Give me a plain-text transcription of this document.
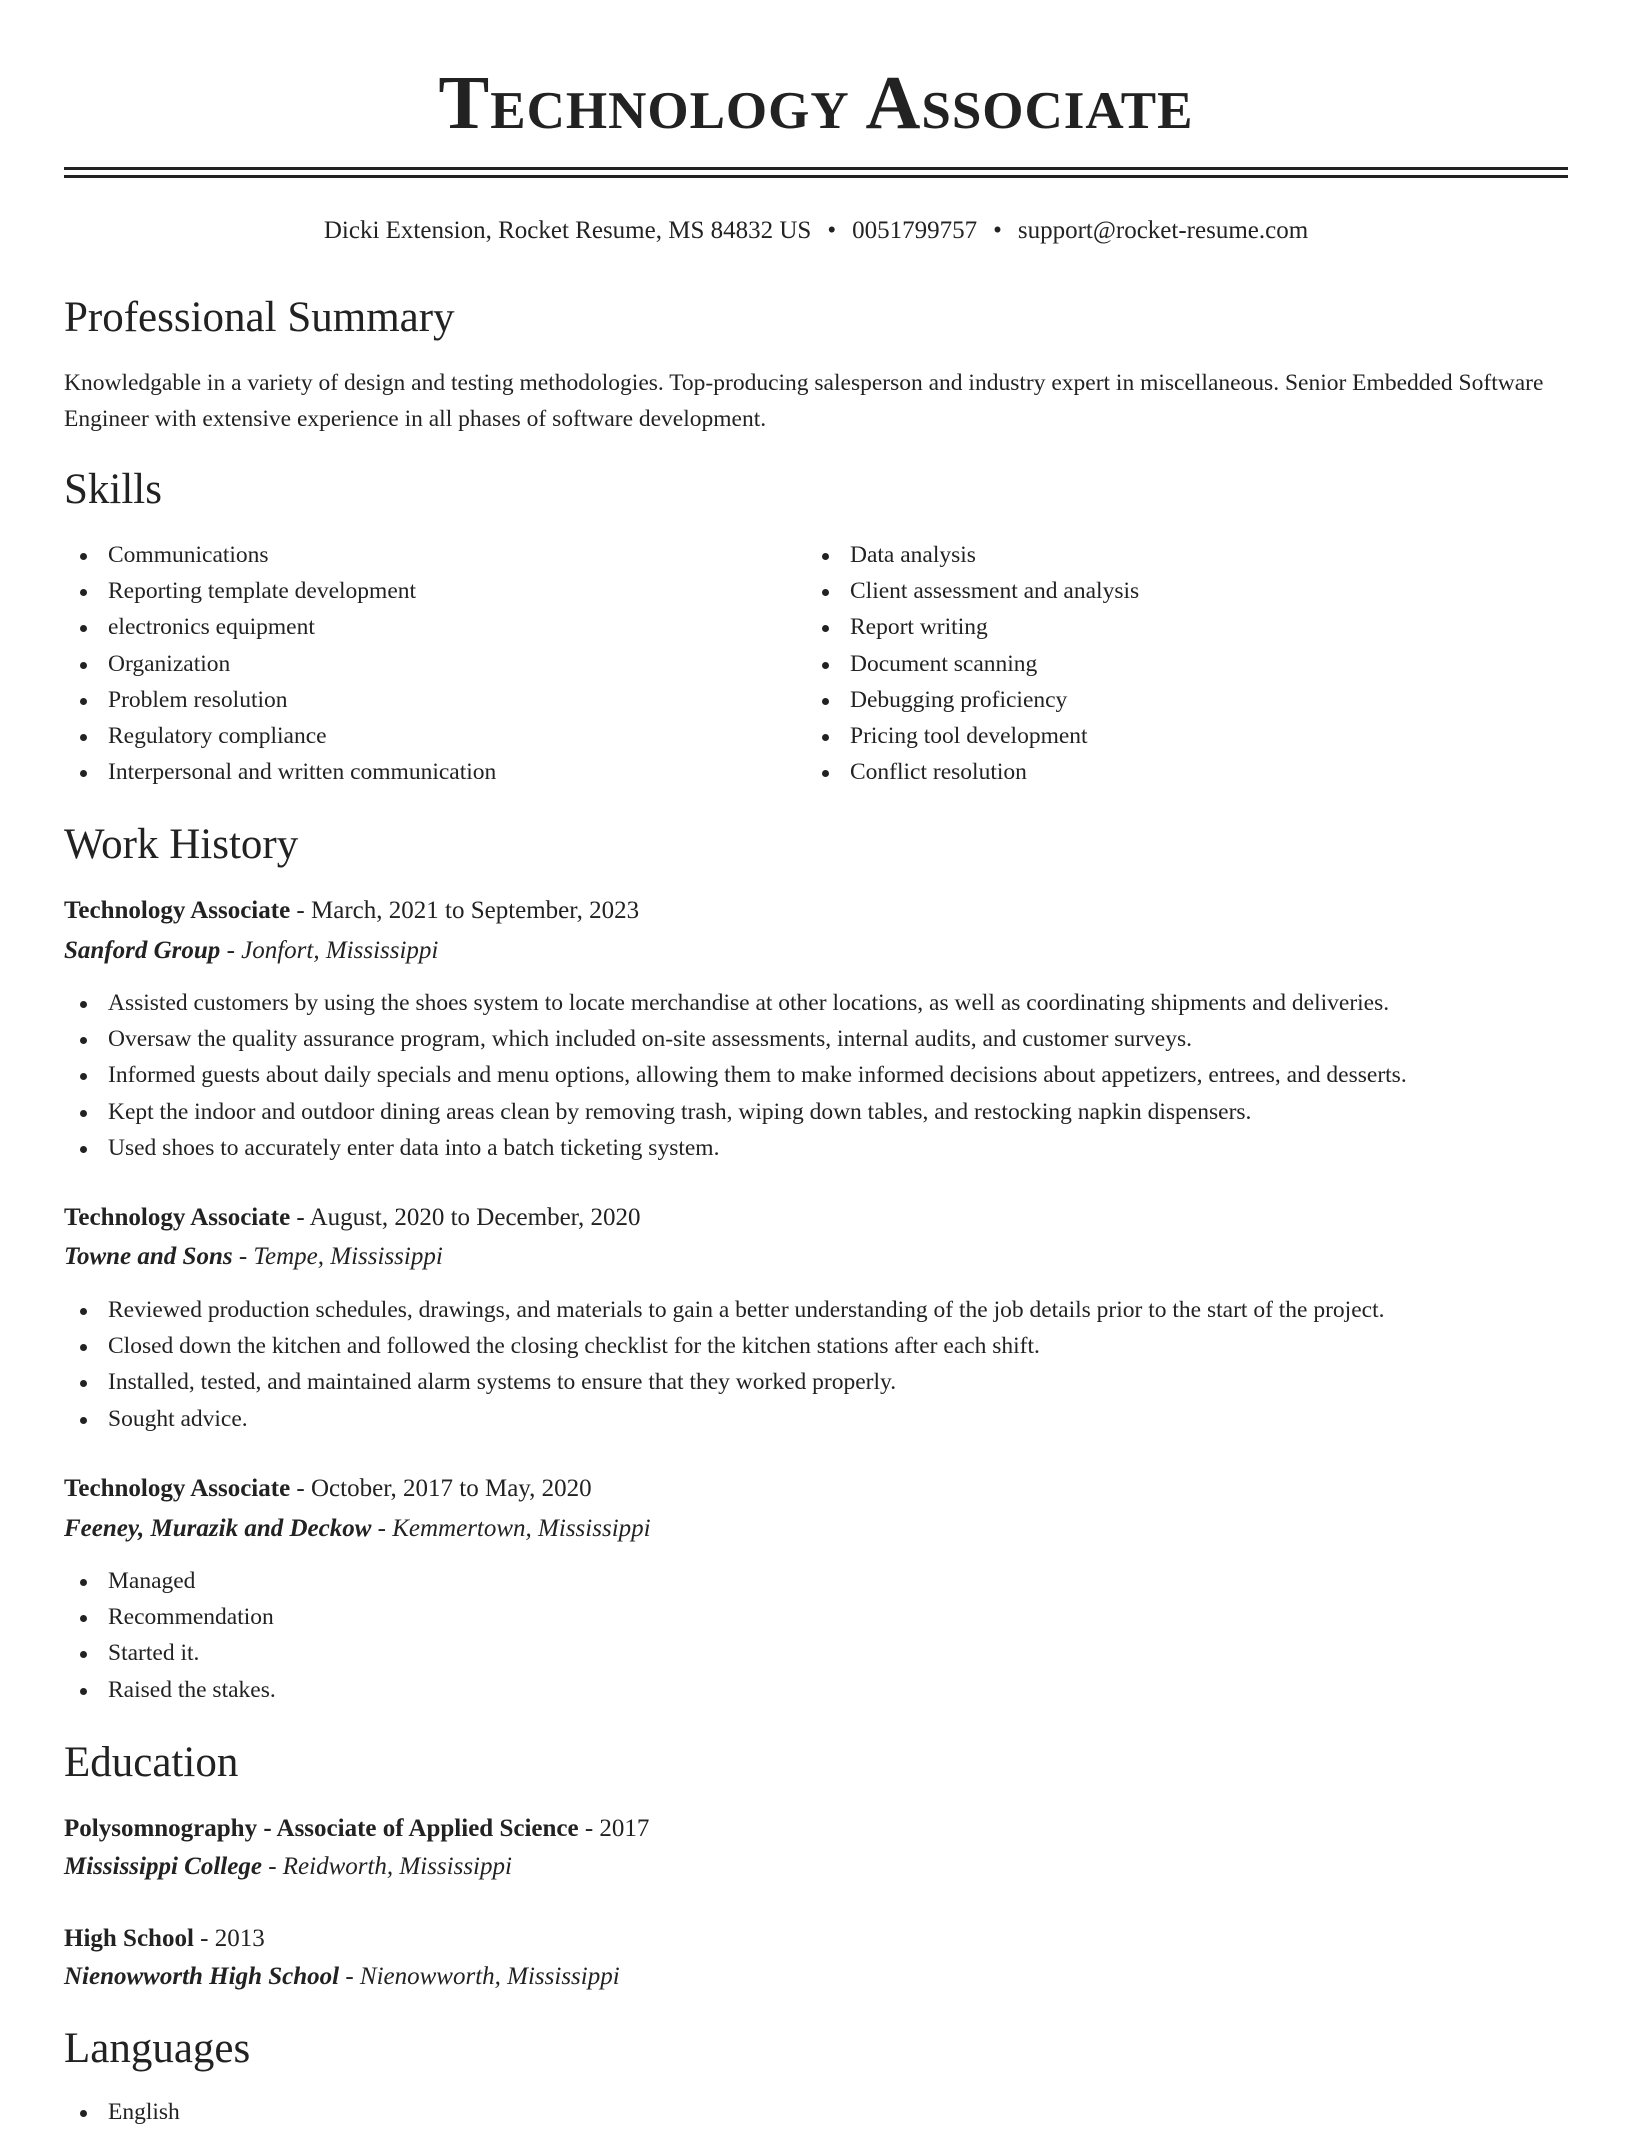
Technology Associate
Dicki Extension, Rocket Resume, MS 84832 US • 0051799757 • support@rocket-resume.com
Professional Summary

Knowledgable in a variety of design and testing methodologies. Top-producing salesperson and industry expert in miscellaneous. Senior Embedded Software Engineer with extensive experience in all phases of software development.

Skills
Communications
Reporting template development
electronics equipment
Organization
Problem resolution
Regulatory compliance
Interpersonal and written communication
Data analysis
Client assessment and analysis
Report writing
Document scanning
Debugging proficiency
Pricing tool development
Conflict resolution
Work History
Technology Associate - March, 2021 to September, 2023
Sanford Group - Jonfort, Mississippi
Assisted customers by using the shoes system to locate merchandise at other locations, as well as coordinating shipments and deliveries.
Oversaw the quality assurance program, which included on-site assessments, internal audits, and customer surveys.
Informed guests about daily specials and menu options, allowing them to make informed decisions about appetizers, entrees, and desserts.
Kept the indoor and outdoor dining areas clean by removing trash, wiping down tables, and restocking napkin dispensers.
Used shoes to accurately enter data into a batch ticketing system.
Technology Associate - August, 2020 to December, 2020
Towne and Sons - Tempe, Mississippi
Reviewed production schedules, drawings, and materials to gain a better understanding of the job details prior to the start of the project.
Closed down the kitchen and followed the closing checklist for the kitchen stations after each shift.
Installed, tested, and maintained alarm systems to ensure that they worked properly.
Sought advice.
Technology Associate - October, 2017 to May, 2020
Feeney, Murazik and Deckow - Kemmertown, Mississippi
Managed
Recommendation
Started it.
Raised the stakes.
Education
Polysomnography - Associate of Applied Science - 2017
Mississippi College - Reidworth, Mississippi
High School - 2013
Nienowworth High School - Nienowworth, Mississippi
Languages
English
